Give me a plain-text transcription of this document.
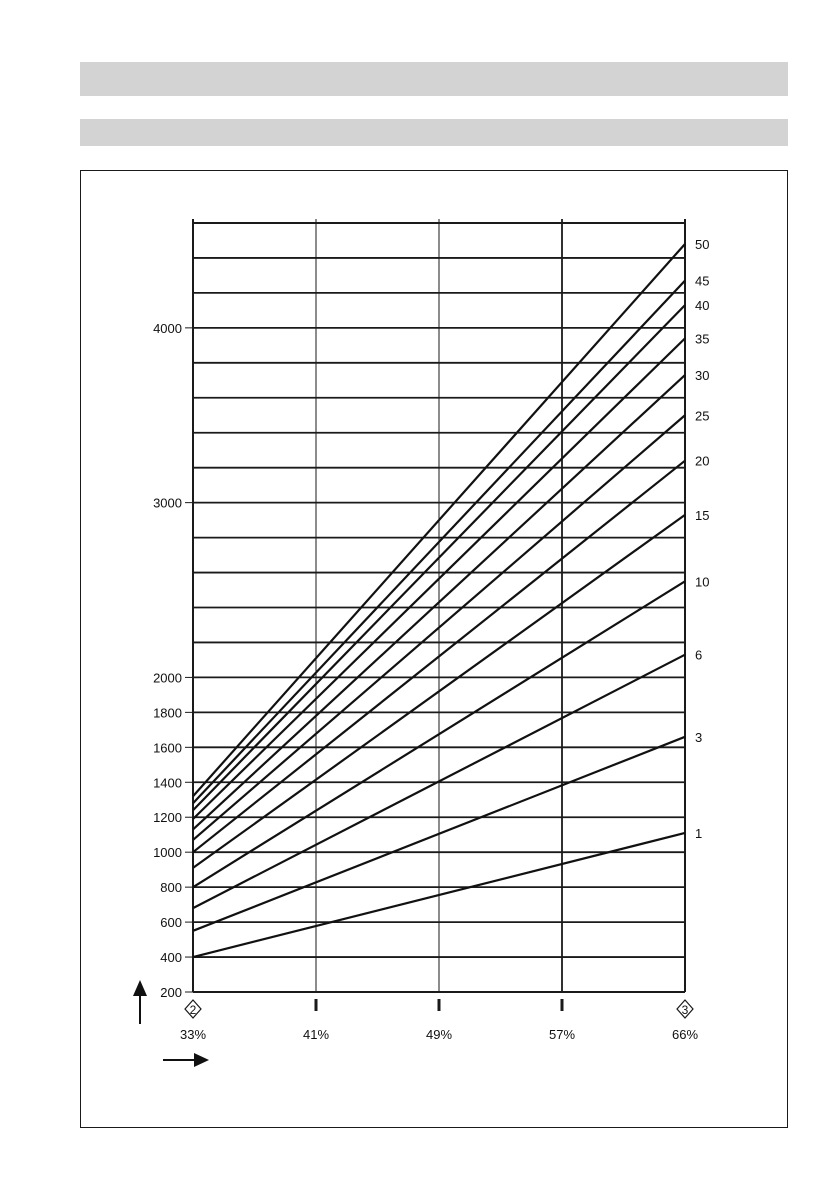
200
400
600
800
1000
1200
1400
1600
1800
2000
3000
4000
2
33%	41%	49%	57%
3
66%
1
3
6
10
15
20
25
30
35
40
45
50
